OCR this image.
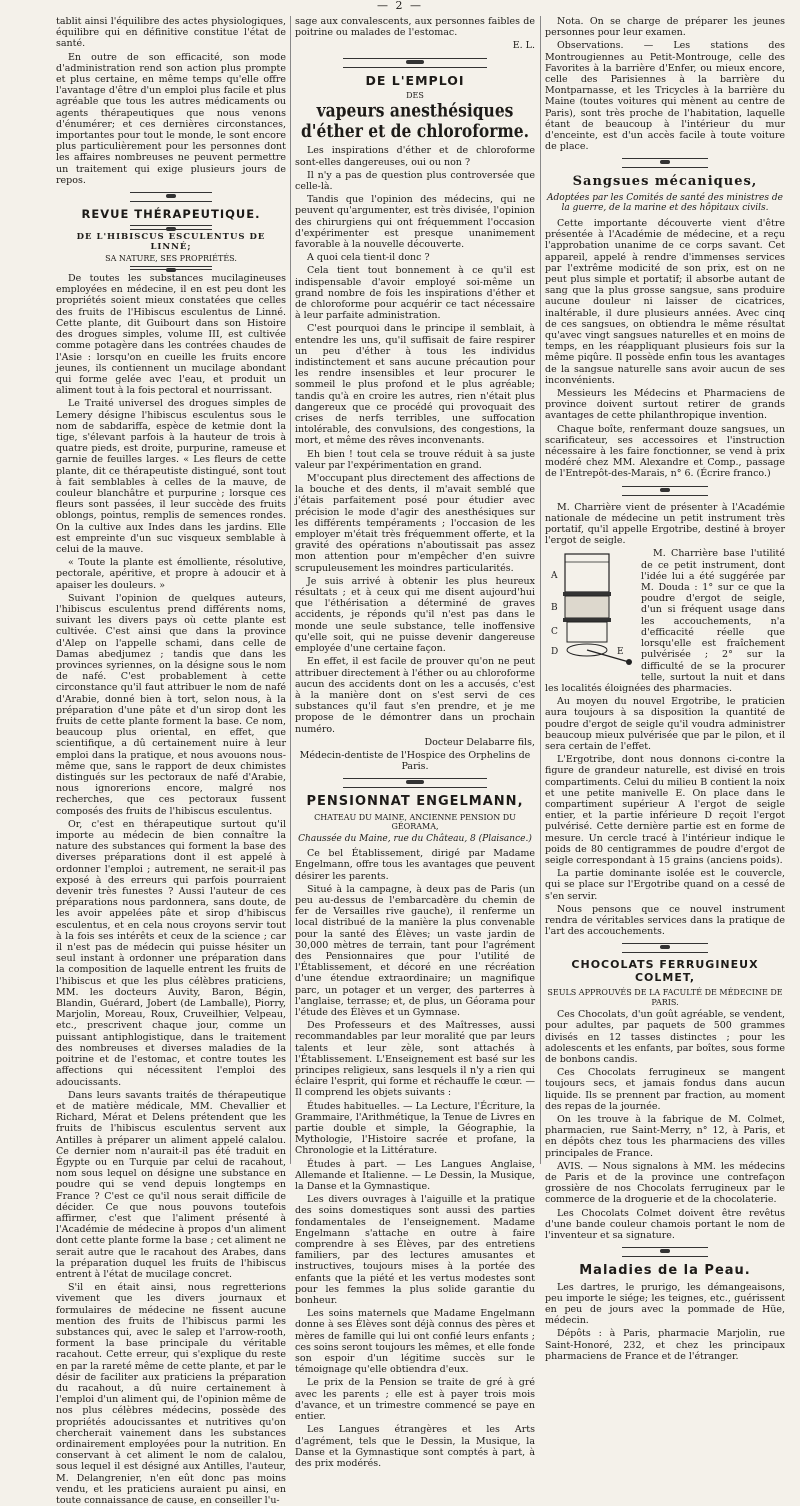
— 2 —

tablit ainsi l'équilibre des actes physiologiques, équilibre qui en définitive constitue l'état de santé.

En outre de son efficacité, son mode d'administration rend son action plus prompte et plus certaine, en même temps qu'elle offre l'avantage d'être d'un emploi plus facile et plus agréable que tous les autres médicaments ou agents thérapeutiques que nous venons d'énumérer; et ces dernières circonstances, importantes pour tout le monde, le sont encore plus particulièrement pour les personnes dont les affaires nombreuses ne peuvent permettre un traitement qui exige plusieurs jours de repos.

REVUE THÉRAPEUTIQUE.
DE L'HIBISCUS ESCULENTUS DE LINNÉ;
SA NATURE, SES PROPRIÉTÉS.

De toutes les substances mucilagineuses employées en médecine, il en est peu dont les propriétés soient mieux constatées que celles des fruits de l'Hibiscus esculentus de Linné. Cette plante, dit Guibourt dans son Histoire des drogues simples, volume III, est cultivée comme potagère dans les contrées chaudes de l'Asie : lorsqu'on en cueille les fruits encore jeunes, ils contiennent un mucilage abondant qui forme gelée avec l'eau, et produit un aliment tout à la fois pectoral et nourrissant.

Le Traité universel des drogues simples de Lemery désigne l'hibiscus esculentus sous le nom de sabdariffa, espèce de ketmie dont la tige, s'élevant parfois à la hauteur de trois à quatre pieds, est droite, purpurine, rameuse et garnie de feuilles larges. « Les fleurs de cette plante, dit ce thérapeutiste distingué, sont tout à fait semblables à celles de la mauve, de couleur blanchâtre et purpurine ; lorsque ces fleurs sont passées, il leur succède des fruits oblongs, pointus, remplis de semences rondes. On la cultive aux Indes dans les jardins. Elle est empreinte d'un suc visqueux semblable à celui de la mauve.

« Toute la plante est émolliente, résolutive, pectorale, apéritive, et propre à adoucir et à apaiser les douleurs. »

Suivant l'opinion de quelques auteurs, l'hibiscus esculentus prend différents noms, suivant les divers pays où cette plante est cultivée. C'est ainsi que dans la province d'Alep on l'appelle schami, dans celle de Damas abedjumez ; tandis que dans les provinces syriennes, on la désigne sous le nom de nafé. C'est probablement à cette circonstance qu'il faut attribuer le nom de nafé d'Arabie, donné bien à tort, selon nous, à la préparation d'une pâte et d'un sirop dont les fruits de cette plante forment la base. Ce nom, beaucoup plus oriental, en effet, que scientifique, a dû certainement nuire à leur emploi dans la pratique, et nous avouons nous-même que, sans le rapport de deux chimistes distingués sur les pectoraux de nafé d'Arabie, nous ignorerions encore, malgré nos recherches, que ces pectoraux fussent composés des fruits de l'hibiscus esculentus.

Or, c'est en thérapeutique surtout qu'il importe au médecin de bien connaître la nature des substances qui forment la base des diverses préparations dont il est appelé à ordonner l'emploi ; autrement, ne serait-il pas exposé à des erreurs qui parfois pourraient devenir très funestes ? Aussi l'auteur de ces préparations nous pardonnera, sans doute, de les avoir appelées pâte et sirop d'hibiscus esculentus, et en cela nous croyons servir tout à la fois ses intérêts et ceux de la science ; car il n'est pas de médecin qui puisse hésiter un seul instant à ordonner une préparation dans la composition de laquelle entrent les fruits de l'hibiscus et que les plus célèbres praticiens, MM. les docteurs Auvity, Baron, Bégin, Blandin, Guérard, Jobert (de Lamballe), Piorry, Marjolin, Moreau, Roux, Cruveilhier, Velpeau, etc., prescrivent chaque jour, comme un puissant antiphlogistique, dans le traitement des nombreuses et diverses maladies de la poitrine et de l'estomac, et contre toutes les affections qui nécessitent l'emploi des adoucissants.

Dans leurs savants traités de thérapeutique et de matière médicale, MM. Chevallier et Richard, Mérat et Delens prétendent que les fruits de l'hibiscus esculentus servent aux Antilles à préparer un aliment appelé calalou. Ce dernier nom n'aurait-il pas été traduit en Égypte ou en Turquie par celui de racahout, nom sous lequel on désigne une substance en poudre qui se vend depuis longtemps en France ? C'est ce qu'il nous serait difficile de décider. Ce que nous pouvons toutefois affirmer, c'est que l'aliment présenté à l'Académie de médecine à propos d'un aliment dont cette plante forme la base ; cet aliment ne serait autre que le racahout des Arabes, dans la préparation duquel les fruits de l'hibiscus entrent à l'état de mucilage concret.

S'il en était ainsi, nous regretterions vivement que les divers journaux et formulaires de médecine ne fissent aucune mention des fruits de l'hibiscus parmi les substances qui, avec le salep et l'arrow-rooth, forment la base principale du véritable racahout. Cette erreur, qui s'explique du reste en par la rareté même de cette plante, et par le désir de faciliter aux praticiens la préparation du racahout, a dû nuire certainement à l'emploi d'un aliment qui, de l'opinion même de nos plus célèbres médecins, possède des propriétés adoucissantes et nutritives qu'on chercherait vainement dans les substances ordinairement employées pour la nutrition. En conservant à cet aliment le nom de calalou, sous lequel il est désigné aux Antilles, l'auteur, M. Delangrenier, n'en eût donc pas moins vendu, et les praticiens auraient pu ainsi, en toute connaissance de cause, en conseiller l'u-

sage aux convalescents, aux personnes faibles de poitrine ou malades de l'estomac.

E. L.

DE L'EMPLOI
DES
vapeurs anesthésiques d'éther et de chloroforme.

Les inspirations d'éther et de chloroforme sont-elles dangereuses, oui ou non ?

Il n'y a pas de question plus controversée que celle-là.

Tandis que l'opinion des médecins, qui ne peuvent qu'argumenter, est très divisée, l'opinion des chirurgiens qui ont fréquemment l'occasion d'expérimenter est presque unanimement favorable à la nouvelle découverte.

A quoi cela tient-il donc ?

Cela tient tout bonnement à ce qu'il est indispensable d'avoir employé soi-même un grand nombre de fois les inspirations d'éther et de chloroforme pour acquérir ce tact nécessaire à leur parfaite administration.

C'est pourquoi dans le principe il semblait, à entendre les uns, qu'il suffisait de faire respirer un peu d'éther à tous les individus indistinctement et sans aucune précaution pour les rendre insensibles et leur procurer le sommeil le plus profond et le plus agréable; tandis qu'à en croire les autres, rien n'était plus dangereux que ce procédé qui provoquait des crises de nerfs terribles, une suffocation intolérable, des convulsions, des congestions, la mort, et même des rêves inconvenants.

Eh bien ! tout cela se trouve réduit à sa juste valeur par l'expérimentation en grand.

M'occupant plus directement des affections de la bouche et des dents, il m'avait semblé que j'étais parfaitement posé pour étudier avec précision le mode d'agir des anesthésiques sur les différents tempéraments ; l'occasion de les employer m'était très fréquemment offerte, et la gravité des opérations n'aboutissait pas assez mon attention pour m'empêcher d'en suivre scrupuleusement les moindres particularités.

Je suis arrivé à obtenir les plus heureux résultats ; et à ceux qui me disent aujourd'hui que l'éthérisation a déterminé de graves accidents, je réponds qu'il n'est pas dans le monde une seule substance, telle inoffensive qu'elle soit, qui ne puisse devenir dangereuse employée d'une certaine façon.

En effet, il est facile de prouver qu'on ne peut attribuer directement à l'éther ou au chloroforme aucun des accidents dont on les a accusés, c'est à la manière dont on s'est servi de ces substances qu'il faut s'en prendre, et je me propose de le démontrer dans un prochain numéro.

Docteur Delabarre fils,

Médecin-dentiste de l'Hospice des Orphelins de Paris.

PENSIONNAT ENGELMANN,
CHATEAU DU MAINE, ANCIENNE PENSION DU GÉORAMA,
Chaussée du Maine, rue du Château, 8 (Plaisance.)

Ce bel Établissement, dirigé par Madame Engelmann, offre tous les avantages que peuvent désirer les parents.

Situé à la campagne, à deux pas de Paris (un peu au-dessus de l'embarcadère du chemin de fer de Versailles rive gauche), il renferme un local distribué de la manière la plus convenable pour la santé des Élèves; un vaste jardin de 30,000 mètres de terrain, tant pour l'agrément des Pensionnaires que pour l'utilité de l'Établissement, et décoré en une récréation d'une étendue extraordinaire; un magnifique parc, un potager et un verger, des parterres à l'anglaise, terrasse; et, de plus, un Géorama pour l'étude des Élèves et un Gymnase.

Des Professeurs et des Maîtresses, aussi recommandables par leur moralité que par leurs talents et leur zèle, sont attachés à l'Établissement. L'Enseignement est basé sur les principes religieux, sans lesquels il n'y a rien qui éclaire l'esprit, qui forme et réchauffe le cœur. — Il comprend les objets suivants :

Études habituelles. — La Lecture, l'Écriture, la Grammaire, l'Arithmétique, la Tenue de Livres en partie double et simple, la Géographie, la Mythologie, l'Histoire sacrée et profane, la Chronologie et la Littérature.

Études à part. — Les Langues Anglaise, Allemande et Italienne. — Le Dessin, la Musique, la Danse et la Gymnastique.

Les divers ouvrages à l'aiguille et la pratique des soins domestiques sont aussi des parties fondamentales de l'enseignement. Madame Engelmann s'attache en outre à faire comprendre à ses Élèves, par des entretiens familiers, par des lectures amusantes et instructives, toujours mises à la portée des enfants que la piété et les vertus modestes sont pour les femmes la plus solide garantie du bonheur.

Les soins maternels que Madame Engelmann donne à ses Élèves sont déjà connus des pères et mères de famille qui lui ont confié leurs enfants ; ces soins seront toujours les mêmes, et elle fonde son espoir d'un légitime succès sur le témoignage qu'elle obtiendra d'eux.

Le prix de la Pension se traite de gré à gré avec les parents ; elle est à payer trois mois d'avance, et un trimestre commencé se paye en entier.

Les Langues étrangères et les Arts d'agrément, tels que le Dessin, la Musique, la Danse et la Gymnastique sont comptés à part, à des prix modérés.

Nota. On se charge de préparer les jeunes personnes pour leur examen.

Observations. — Les stations des Montrougiennes au Petit-Montrouge, celle des Favorites à la barrière d'Enfer, ou mieux encore, celle des Parisiennes à la barrière du Montparnasse, et les Tricycles à la barrière du Maine (toutes voitures qui mènent au centre de Paris), sont très proche de l'habitation, laquelle étant de beaucoup à l'intérieur du mur d'enceinte, est d'un accès facile à toute voiture de place.

Sangsues mécaniques,
Adoptées par les Comités de santé des ministres de la guerre, de la marine et des hôpitaux civils.

Cette importante découverte vient d'être présentée à l'Académie de médecine, et a reçu l'approbation unanime de ce corps savant. Cet appareil, appelé à rendre d'immenses services par l'extrême modicité de son prix, est on ne peut plus simple et portatif; il absorbe autant de sang que la plus grosse sangsue, sans produire aucune douleur ni laisser de cicatrices, inaltérable, il dure plusieurs années. Avec cinq de ces sangsues, on obtiendra le même résultat qu'avec vingt sangsues naturelles et en moins de temps, en les réappliquant plusieurs fois sur la même piqûre. Il possède enfin tous les avantages de la sangsue naturelle sans avoir aucun de ses inconvénients.

Messieurs les Médecins et Pharmaciens de province doivent surtout retirer de grands avantages de cette philanthropique invention.

Chaque boîte, renfermant douze sangsues, un scarificateur, ses accessoires et l'instruction nécessaire à les faire fonctionner, se vend à prix modéré chez MM. Alexandre et Comp., passage de l'Entrepôt-des-Marais, n° 6. (Écrire franco.)

M. Charrière vient de présenter à l'Académie nationale de médecine un petit instrument très portatif, qu'il appelle Ergotribe, destiné à broyer l'ergot de seigle.

A
B
C
D	E

M. Charrière base l'utilité de ce petit instrument, dont l'idée lui a été suggérée par M. Douda : 1° sur ce que la poudre d'ergot de seigle, d'un si fréquent usage dans les accouchements, n'a d'efficacité réelle que lorsqu'elle est fraîchement pulvérisée ; 2° sur la difficulté de se la procurer telle, surtout la nuit et dans les localités éloignées des pharmacies.

Au moyen du nouvel Ergotribe, le praticien aura toujours à sa disposition la quantité de poudre d'ergot de seigle qu'il voudra administrer beaucoup mieux pulvérisée que par le pilon, et il sera certain de l'effet.

L'Ergotribe, dont nous donnons ci-contre la figure de grandeur naturelle, est divisé en trois compartiments. Celui du milieu B contient la noix et une petite manivelle E. On place dans le compartiment supérieur A l'ergot de seigle entier, et la partie inférieure D reçoit l'ergot pulvérisé. Cette dernière partie est en forme de mesure. Un cercle tracé à l'intérieur indique le poids de 80 centigrammes de poudre d'ergot de seigle correspondant à 15 grains (anciens poids).

La partie dominante isolée est le couvercle, qui se place sur l'Ergotribe quand on a cessé de s'en servir.

Nous pensons que ce nouvel instrument rendra de véritables services dans la pratique de l'art des accouchements.

CHOCOLATS FERRUGINEUX COLMET,
SEULS APPROUVÉS DE LA FACULTÉ DE MÉDECINE DE PARIS.

Ces Chocolats, d'un goût agréable, se vendent, pour adultes, par paquets de 500 grammes divisés en 12 tasses distinctes ; pour les adolescents et les enfants, par boîtes, sous forme de bonbons candis.

Ces Chocolats ferrugineux se mangent toujours secs, et jamais fondus dans aucun liquide. Ils se prennent par fraction, au moment des repas de la journée.

On les trouve à la fabrique de M. Colmet, pharmacien, rue Saint-Merry, n° 12, à Paris, et en dépôts chez tous les pharmaciens des villes principales de France.

AVIS. — Nous signalons à MM. les médecins de Paris et de la province une contrefaçon grossière de nos Chocolats ferrugineux par le commerce de la droguerie et de la chocolaterie.

Les Chocolats Colmet doivent être revêtus d'une bande couleur chamois portant le nom de l'inventeur et sa signature.

Maladies de la Peau.

Les dartres, le prurigo, les démangeaisons, peu importe le siége; les teignes, etc., guérissent en peu de jours avec la pommade de Hüe, médecin.

Dépôts : à Paris, pharmacie Marjolin, rue Saint-Honoré, 232, et chez les principaux pharmaciens de France et de l'étranger.
